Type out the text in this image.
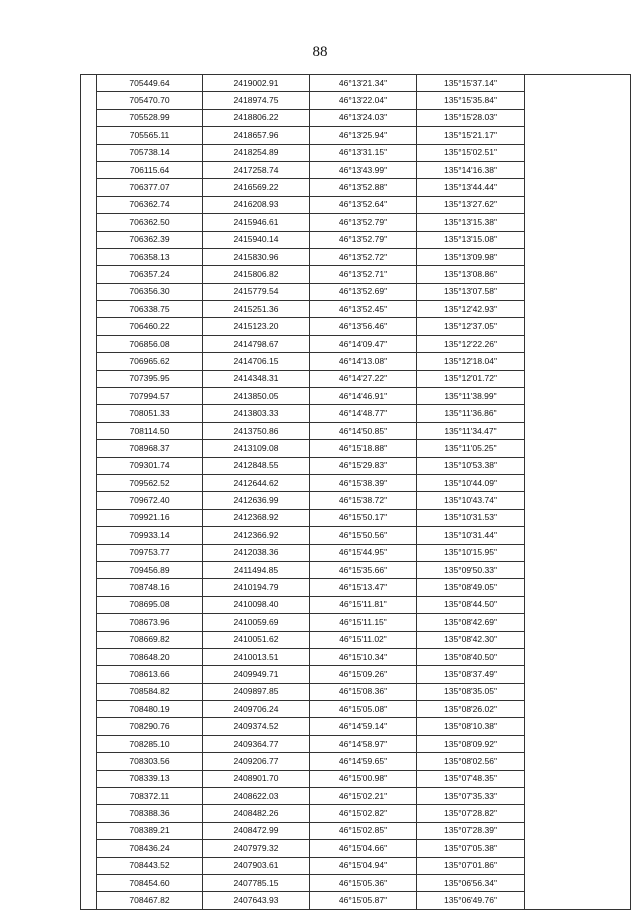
88
	705449.64	2419002.91	46°13'21.34"	135°15'37.14"	
	705470.70	2418974.75	46°13'22.04"	135°15'35.84"	
	705528.99	2418806.22	46°13'24.03"	135°15'28.03"	
	705565.11	2418657.96	46°13'25.94"	135°15'21.17"	
	705738.14	2418254.89	46°13'31.15"	135°15'02.51"	
	706115.64	2417258.74	46°13'43.99"	135°14'16.38"	
	706377.07	2416569.22	46°13'52.88"	135°13'44.44"	
	706362.74	2416208.93	46°13'52.64"	135°13'27.62"	
	706362.50	2415946.61	46°13'52.79"	135°13'15.38"	
	706362.39	2415940.14	46°13'52.79"	135°13'15.08"	
	706358.13	2415830.96	46°13'52.72"	135°13'09.98"	
	706357.24	2415806.82	46°13'52.71"	135°13'08.86"	
	706356.30	2415779.54	46°13'52.69"	135°13'07.58"	
	706338.75	2415251.36	46°13'52.45"	135°12'42.93"	
	706460.22	2415123.20	46°13'56.46"	135°12'37.05"	
	706856.08	2414798.67	46°14'09.47"	135°12'22.26"	
	706965.62	2414706.15	46°14'13.08"	135°12'18.04"	
	707395.95	2414348.31	46°14'27.22"	135°12'01.72"	
	707994.57	2413850.05	46°14'46.91"	135°11'38.99"	
	708051.33	2413803.33	46°14'48.77"	135°11'36.86"	
	708114.50	2413750.86	46°14'50.85"	135°11'34.47"	
	708968.37	2413109.08	46°15'18.88"	135°11'05.25"	
	709301.74	2412848.55	46°15'29.83"	135°10'53.38"	
	709562.52	2412644.62	46°15'38.39"	135°10'44.09"	
	709672.40	2412636.99	46°15'38.72"	135°10'43.74"	
	709921.16	2412368.92	46°15'50.17"	135°10'31.53"	
	709933.14	2412366.92	46°15'50.56"	135°10'31.44"	
	709753.77	2412038.36	46°15'44.95"	135°10'15.95"	
	709456.89	2411494.85	46°15'35.66"	135°09'50.33"	
	708748.16	2410194.79	46°15'13.47"	135°08'49.05"	
	708695.08	2410098.40	46°15'11.81"	135°08'44.50"	
	708673.96	2410059.69	46°15'11.15"	135°08'42.69"	
	708669.82	2410051.62	46°15'11.02"	135°08'42.30"	
	708648.20	2410013.51	46°15'10.34"	135°08'40.50"	
	708613.66	2409949.71	46°15'09.26"	135°08'37.49"	
	708584.82	2409897.85	46°15'08.36"	135°08'35.05"	
	708480.19	2409706.24	46°15'05.08"	135°08'26.02"	
	708290.76	2409374.52	46°14'59.14"	135°08'10.38"	
	708285.10	2409364.77	46°14'58.97"	135°08'09.92"	
	708303.56	2409206.77	46°14'59.65"	135°08'02.56"	
	708339.13	2408901.70	46°15'00.98"	135°07'48.35"	
	708372.11	2408622.03	46°15'02.21"	135°07'35.33"	
	708388.36	2408482.26	46°15'02.82"	135°07'28.82"	
	708389.21	2408472.99	46°15'02.85"	135°07'28.39"	
	708436.24	2407979.32	46°15'04.66"	135°07'05.38"	
	708443.52	2407903.61	46°15'04.94"	135°07'01.86"	
	708454.60	2407785.15	46°15'05.36"	135°06'56.34"	
	708467.82	2407643.93	46°15'05.87"	135°06'49.76"	
